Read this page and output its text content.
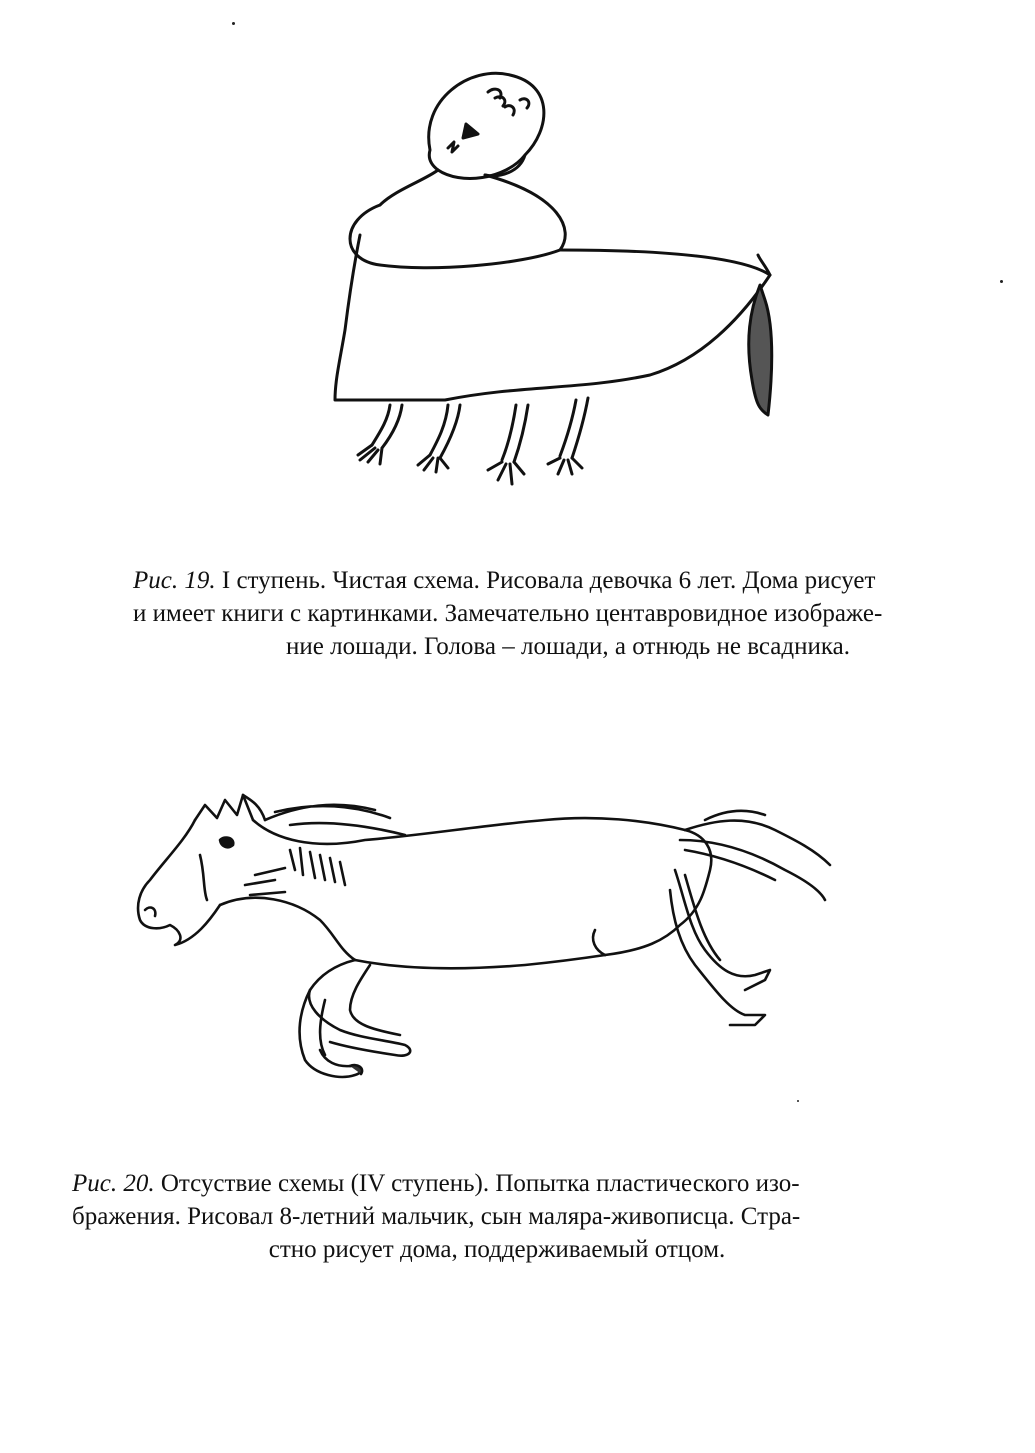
Рис. 19. I ступень. Чистая схема. Рисовала девочка 6 лет. Дома рисует
и имеет книги с картинками. Замечательно центавровидное изображе-
ние лошади. Голова – лошади, а отнюдь не всадника.
Рис. 20. Отсуствие схемы (IV ступень). Попытка пластического изо-
бражения. Рисовал 8-летний мальчик, сын маляра-живописца. Стра-
стно рисует дома, поддерживаемый отцом.
